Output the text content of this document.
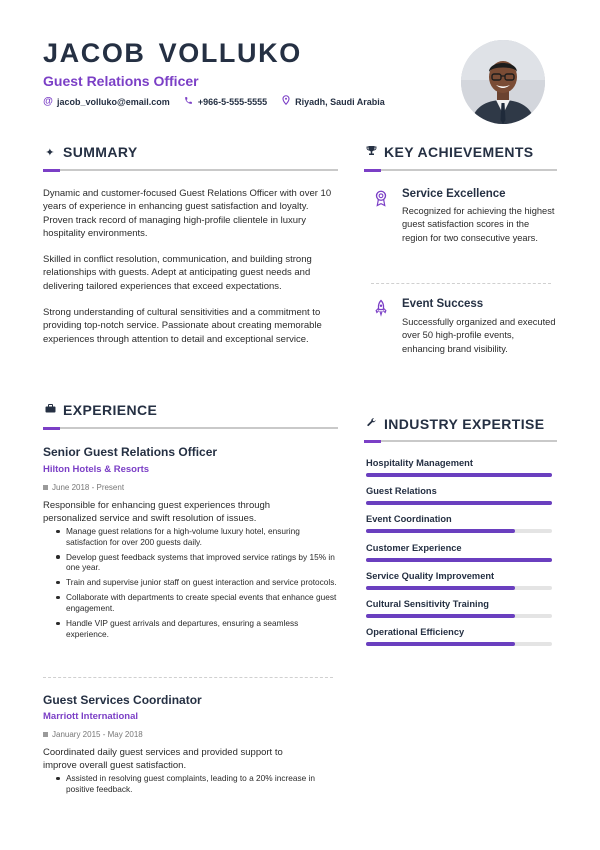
JACOB VOLLUKO
Guest Relations Officer
@ jacob_volluko@email.com	+966-5-555-5555	Riyadh, Saudi Arabia
✦ SUMMARY
Dynamic and customer-focused Guest Relations Officer with over 10 years of experience in enhancing guest satisfaction and loyalty. Proven track record of managing high-profile clientele in luxury hospitality environments.
Skilled in conflict resolution, communication, and building strong relationships with guests. Adept at anticipating guest needs and delivering tailored experiences that exceed expectations.
Strong understanding of cultural sensitivities and a commitment to providing top-notch service. Passionate about creating memorable experiences through attention to detail and exceptional service.
EXPERIENCE
Senior Guest Relations Officer
Hilton Hotels & Resorts
June 2018 - Present
Responsible for enhancing guest experiences through personalized service and swift resolution of issues.
Manage guest relations for a high-volume luxury hotel, ensuring satisfaction for over 200 guests daily.
Develop guest feedback systems that improved service ratings by 15% in one year.
Train and supervise junior staff on guest interaction and service protocols.
Collaborate with departments to create special events that enhance guest engagement.
Handle VIP guest arrivals and departures, ensuring a seamless experience.
Guest Services Coordinator
Marriott International
January 2015 - May 2018
Coordinated daily guest services and provided support to improve overall guest satisfaction.
Assisted in resolving guest complaints, leading to a 20% increase in positive feedback.
KEY ACHIEVEMENTS
Service Excellence
Recognized for achieving the highest guest satisfaction scores in the region for two consecutive years.
Event Success
Successfully organized and executed over 50 high-profile events, enhancing brand visibility.
INDUSTRY EXPERTISE
Hospitality Management
Guest Relations
Event Coordination
Customer Experience
Service Quality Improvement
Cultural Sensitivity Training
Operational Efficiency
